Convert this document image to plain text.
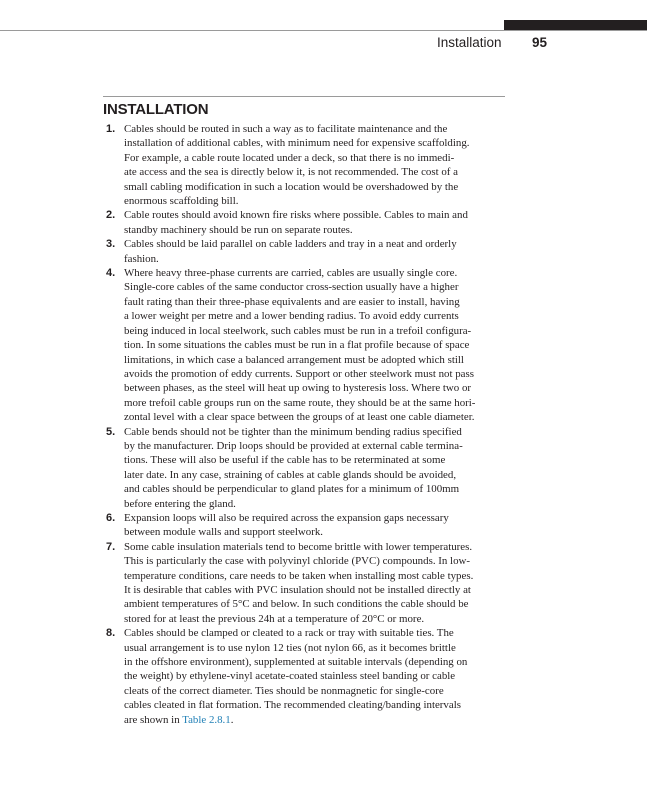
Installation 95
INSTALLATION
1. Cables should be routed in such a way as to facilitate maintenance and the
installation of additional cables, with minimum need for expensive scaffolding.
For example, a cable route located under a deck, so that there is no immedi-
ate access and the sea is directly below it, is not recommended. The cost of a
small cabling modification in such a location would be overshadowed by the
enormous scaffolding bill.
2. Cable routes should avoid known fire risks where possible. Cables to main and
standby machinery should be run on separate routes.
3. Cables should be laid parallel on cable ladders and tray in a neat and orderly
fashion.
4. Where heavy three-phase currents are carried, cables are usually single core.
Single-core cables of the same conductor cross-section usually have a higher
fault rating than their three-phase equivalents and are easier to install, having
a lower weight per metre and a lower bending radius. To avoid eddy currents
being induced in local steelwork, such cables must be run in a trefoil configura-
tion. In some situations the cables must be run in a flat profile because of space
limitations, in which case a balanced arrangement must be adopted which still
avoids the promotion of eddy currents. Support or other steelwork must not pass
between phases, as the steel will heat up owing to hysteresis loss. Where two or
more trefoil cable groups run on the same route, they should be at the same hori-
zontal level with a clear space between the groups of at least one cable diameter.
5. Cable bends should not be tighter than the minimum bending radius specified
by the manufacturer. Drip loops should be provided at external cable termina-
tions. These will also be useful if the cable has to be reterminated at some
later date. In any case, straining of cables at cable glands should be avoided,
and cables should be perpendicular to gland plates for a minimum of 100mm
before entering the gland.
6. Expansion loops will also be required across the expansion gaps necessary
between module walls and support steelwork.
7. Some cable insulation materials tend to become brittle with lower temperatures.
This is particularly the case with polyvinyl chloride (PVC) compounds. In low-
temperature conditions, care needs to be taken when installing most cable types.
It is desirable that cables with PVC insulation should not be installed directly at
ambient temperatures of 5°C and below. In such conditions the cable should be
stored for at least the previous 24h at a temperature of 20°C or more.
8. Cables should be clamped or cleated to a rack or tray with suitable ties. The
usual arrangement is to use nylon 12 ties (not nylon 66, as it becomes brittle
in the offshore environment), supplemented at suitable intervals (depending on
the weight) by ethylene-vinyl acetate-coated stainless steel banding or cable
cleats of the correct diameter. Ties should be nonmagnetic for single-core
cables cleated in flat formation. The recommended cleating/banding intervals
are shown in Table 2.8.1.
